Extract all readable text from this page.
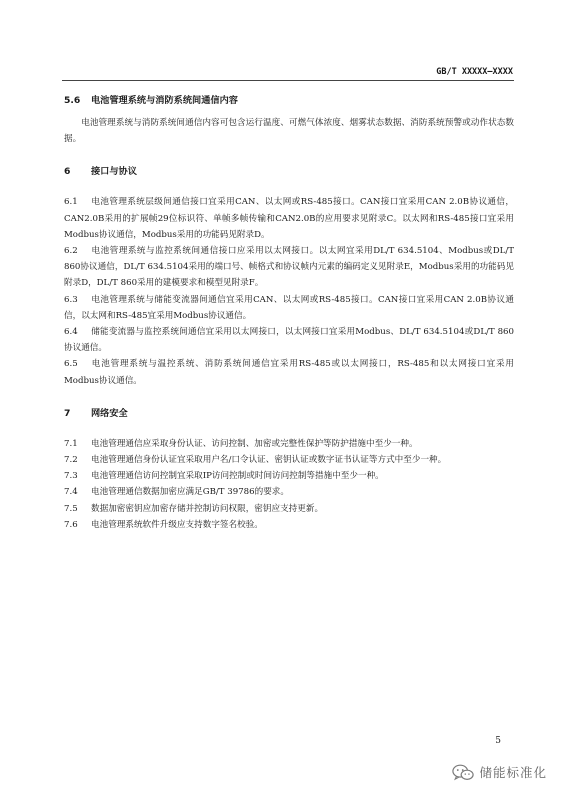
GB/T XXXXX—XXXX
5.6 电池管理系统与消防系统间通信内容

电池管理系统与消防系统间通信内容可包含运行温度、可燃气体浓度、烟雾状态数据、消防系统预警或动作状态数据。

6 接口与协议
6.1 电池管理系统层级间通信接口宜采用CAN、以太网或RS-485接口。CAN接口宜采用CAN 2.0B协议通信，CAN2.0B采用的扩展帧29位标识符、单帧多帧传输和CAN2.0B的应用要求见附录C。以太网和RS-485接口宜采用Modbus协议通信，Modbus采用的功能码见附录D。
6.2 电池管理系统与监控系统间通信接口应采用以太网接口。以太网宜采用DL/T 634.5104、Modbus或DL/T 860协议通信，DL/T 634.5104采用的端口号、帧格式和协议帧内元素的编码定义见附录E，Modbus采用的功能码见附录D，DL/T 860采用的建模要求和模型见附录F。
6.3 电池管理系统与储能变流器间通信宜采用CAN、以太网或RS-485接口。CAN接口宜采用CAN 2.0B协议通信，以太网和RS-485宜采用Modbus协议通信。
6.4 储能变流器与监控系统间通信宜采用以太网接口，以太网接口宜采用Modbus、DL/T 634.5104或DL/T 860协议通信。
6.5 电池管理系统与温控系统、消防系统间通信宜采用RS-485或以太网接口，RS-485和以太网接口宜采用Modbus协议通信。
7 网络安全
7.1 电池管理通信应采取身份认证、访问控制、加密或完整性保护等防护措施中至少一种。
7.2 电池管理通信身份认证宜采取用户名/口令认证、密钥认证或数字证书认证等方式中至少一种。
7.3 电池管理通信访问控制宜采取IP访问控制或时间访问控制等措施中至少一种。
7.4 电池管理通信数据加密应满足GB/T 39786的要求。
7.5 数据加密密钥应加密存储并控制访问权限，密钥应支持更新。
7.6 电池管理系统软件升级应支持数字签名校验。
5
储能标准化
